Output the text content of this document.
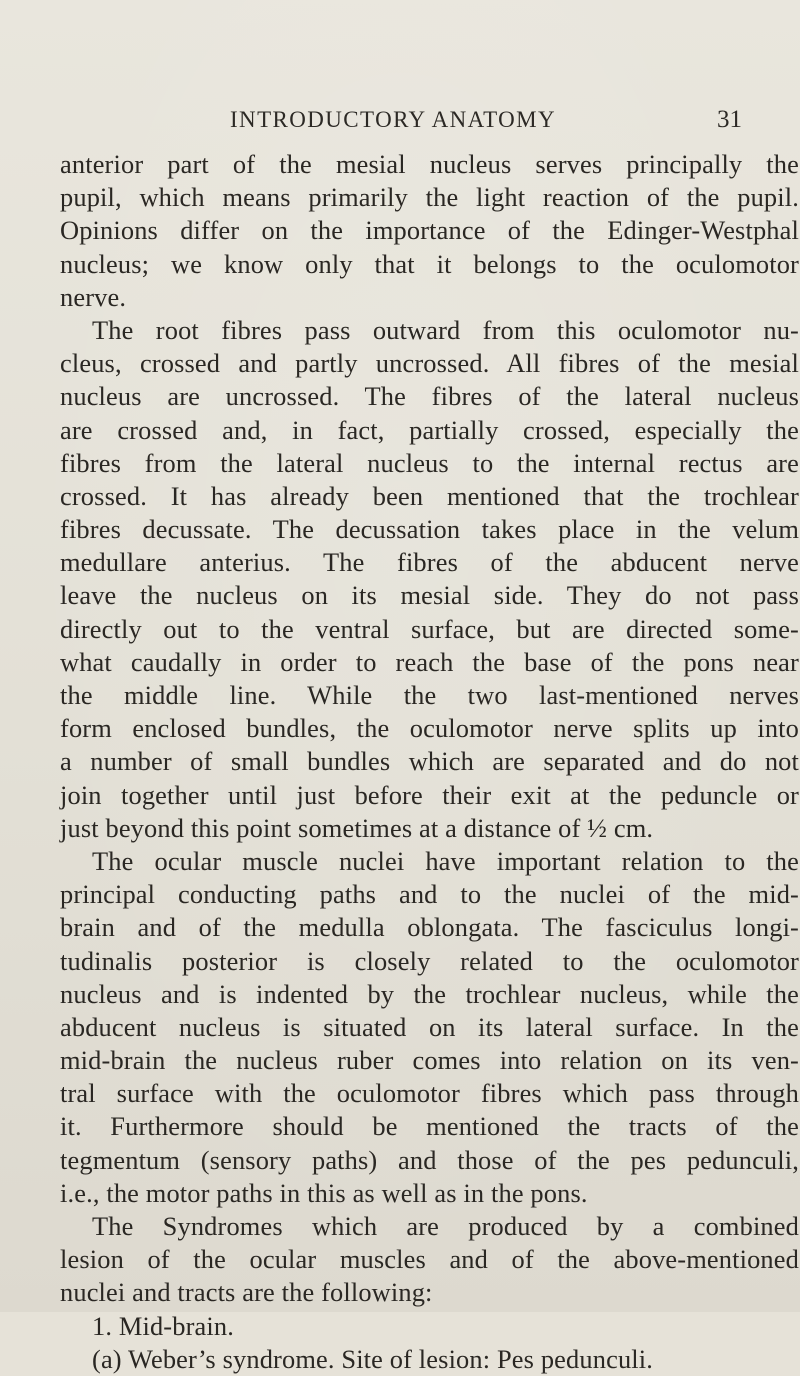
INTRODUCTORY ANATOMY	31
anterior part of the mesial nucleus serves principally the
pupil, which means primarily the light reaction of the pupil.
Opinions differ on the importance of the Edinger-Westphal
nucleus; we know only that it belongs to the oculomotor
nerve.
The root fibres pass outward from this oculomotor nu-
cleus, crossed and partly uncrossed. All fibres of the mesial
nucleus are uncrossed. The fibres of the lateral nucleus
are crossed and, in fact, partially crossed, especially the
fibres from the lateral nucleus to the internal rectus are
crossed. It has already been mentioned that the trochlear
fibres decussate. The decussation takes place in the velum
medullare anterius. The fibres of the abducent nerve
leave the nucleus on its mesial side. They do not pass
directly out to the ventral surface, but are directed some-
what caudally in order to reach the base of the pons near
the middle line. While the two last-mentioned nerves
form enclosed bundles, the oculomotor nerve splits up into
a number of small bundles which are separated and do not
join together until just before their exit at the peduncle or
just beyond this point sometimes at a distance of ½ cm.
The ocular muscle nuclei have important relation to the
principal conducting paths and to the nuclei of the mid-
brain and of the medulla oblongata. The fasciculus longi-
tudinalis posterior is closely related to the oculomotor
nucleus and is indented by the trochlear nucleus, while the
abducent nucleus is situated on its lateral surface. In the
mid-brain the nucleus ruber comes into relation on its ven-
tral surface with the oculomotor fibres which pass through
it. Furthermore should be mentioned the tracts of the
tegmentum (sensory paths) and those of the pes pedunculi,
i.e., the motor paths in this as well as in the pons.
The Syndromes which are produced by a combined
lesion of the ocular muscles and of the above-mentioned
nuclei and tracts are the following:
1. Mid-brain.
(a) Weber’s syndrome. Site of lesion: Pes pedunculi.
